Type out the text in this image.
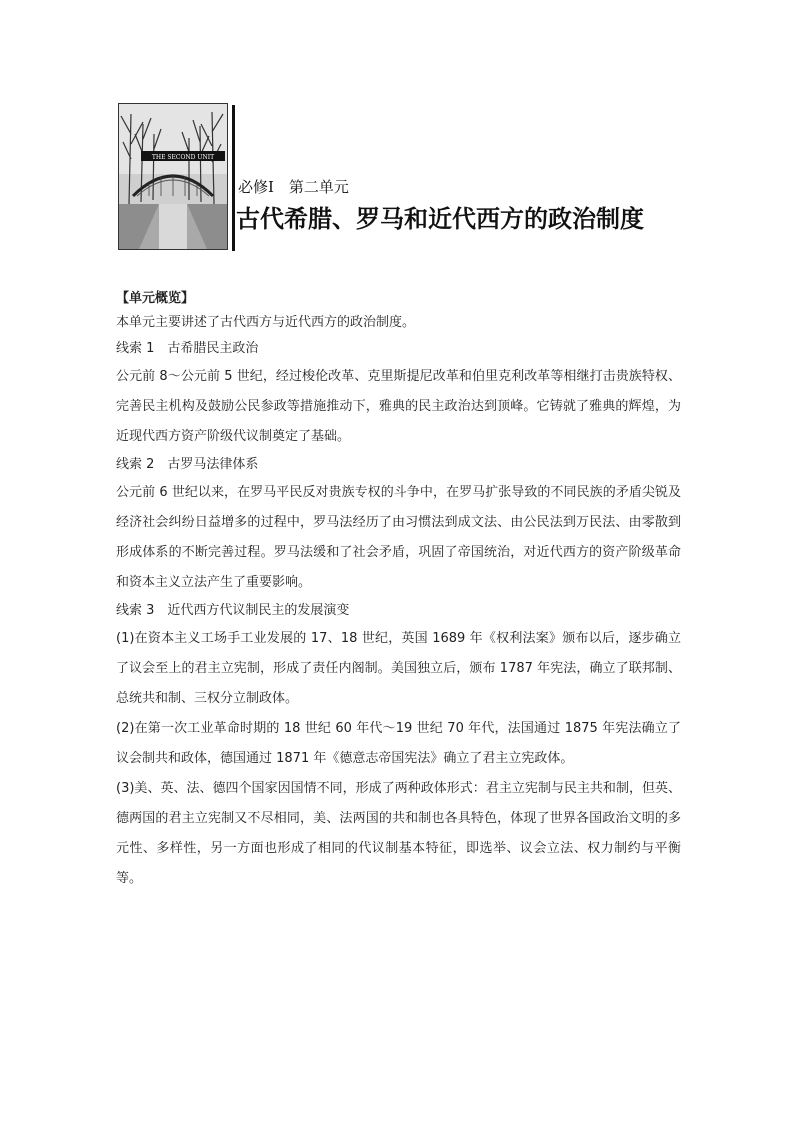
THE SECOND UNIT
必修Ⅰ　第二单元
古代希腊、罗马和近代西方的政治制度

【单元概览】

本单元主要讲述了古代西方与近代西方的政治制度。

线索 1　古希腊民主政治

公元前 8～公元前 5 世纪，经过梭伦改革、克里斯提尼改革和伯里克利改革等相继打击贵族特权、完善民主机构及鼓励公民参政等措施推动下，雅典的民主政治达到顶峰。它铸就了雅典的辉煌，为近现代西方资产阶级代议制奠定了基础。

线索 2　古罗马法律体系

公元前 6 世纪以来，在罗马平民反对贵族专权的斗争中，在罗马扩张导致的不同民族的矛盾尖锐及经济社会纠纷日益增多的过程中，罗马法经历了由习惯法到成文法、由公民法到万民法、由零散到形成体系的不断完善过程。罗马法缓和了社会矛盾，巩固了帝国统治，对近代西方的资产阶级革命和资本主义立法产生了重要影响。

线索 3　近代西方代议制民主的发展演变

(1)在资本主义工场手工业发展的 17、18 世纪，英国 1689 年《权利法案》颁布以后，逐步确立了议会至上的君主立宪制，形成了责任内阁制。美国独立后，颁布 1787 年宪法，确立了联邦制、总统共和制、三权分立制政体。

(2)在第一次工业革命时期的 18 世纪 60 年代～19 世纪 70 年代，法国通过 1875 年宪法确立了议会制共和政体，德国通过 1871 年《德意志帝国宪法》确立了君主立宪政体。

(3)美、英、法、德四个国家因国情不同，形成了两种政体形式：君主立宪制与民主共和制，但英、德两国的君主立宪制又不尽相同，美、法两国的共和制也各具特色，体现了世界各国政治文明的多元性、多样性，另一方面也形成了相同的代议制基本特征，即选举、议会立法、权力制约与平衡等。
